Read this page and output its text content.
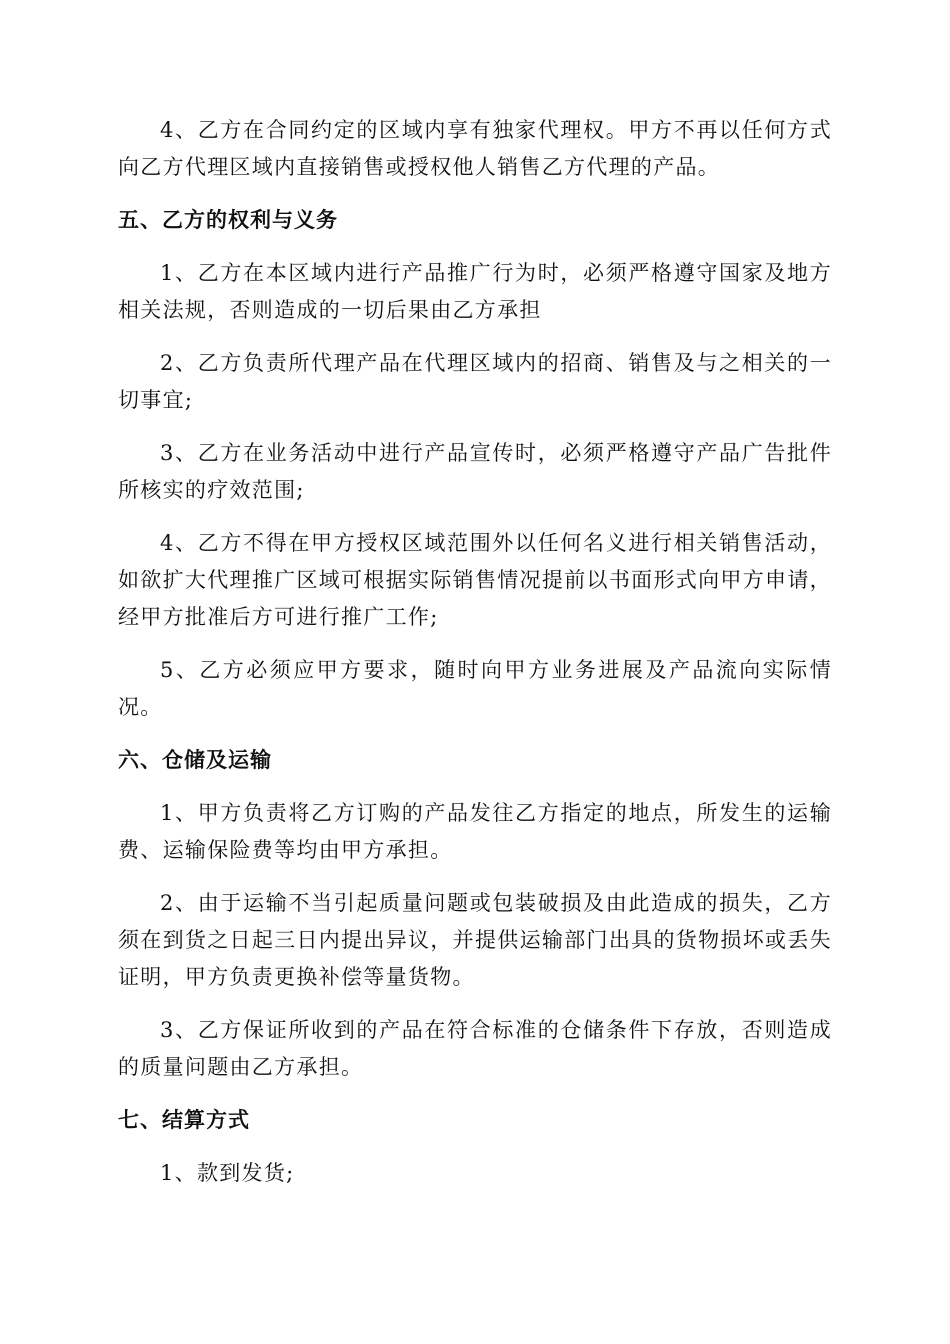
4、乙方在合同约定的区域内享有独家代理权。甲方不再以任何方式向乙方代理区域内直接销售或授权他人销售乙方代理的产品。

五、乙方的权利与义务

1、乙方在本区域内进行产品推广行为时，必须严格遵守国家及地方相关法规，否则造成的一切后果由乙方承担

2、乙方负责所代理产品在代理区域内的招商、销售及与之相关的一切事宜;

3、乙方在业务活动中进行产品宣传时，必须严格遵守产品广告批件所核实的疗效范围;

4、乙方不得在甲方授权区域范围外以任何名义进行相关销售活动，如欲扩大代理推广区域可根据实际销售情况提前以书面形式向甲方申请，经甲方批准后方可进行推广工作;

5、乙方必须应甲方要求，随时向甲方业务进展及产品流向实际情况。

六、仓储及运输

1、甲方负责将乙方订购的产品发往乙方指定的地点，所发生的运输费、运输保险费等均由甲方承担。

2、由于运输不当引起质量问题或包装破损及由此造成的损失，乙方须在到货之日起三日内提出异议，并提供运输部门出具的货物损坏或丢失证明，甲方负责更换补偿等量货物。

3、乙方保证所收到的产品在符合标准的仓储条件下存放，否则造成的质量问题由乙方承担。

七、结算方式

1、款到发货;
